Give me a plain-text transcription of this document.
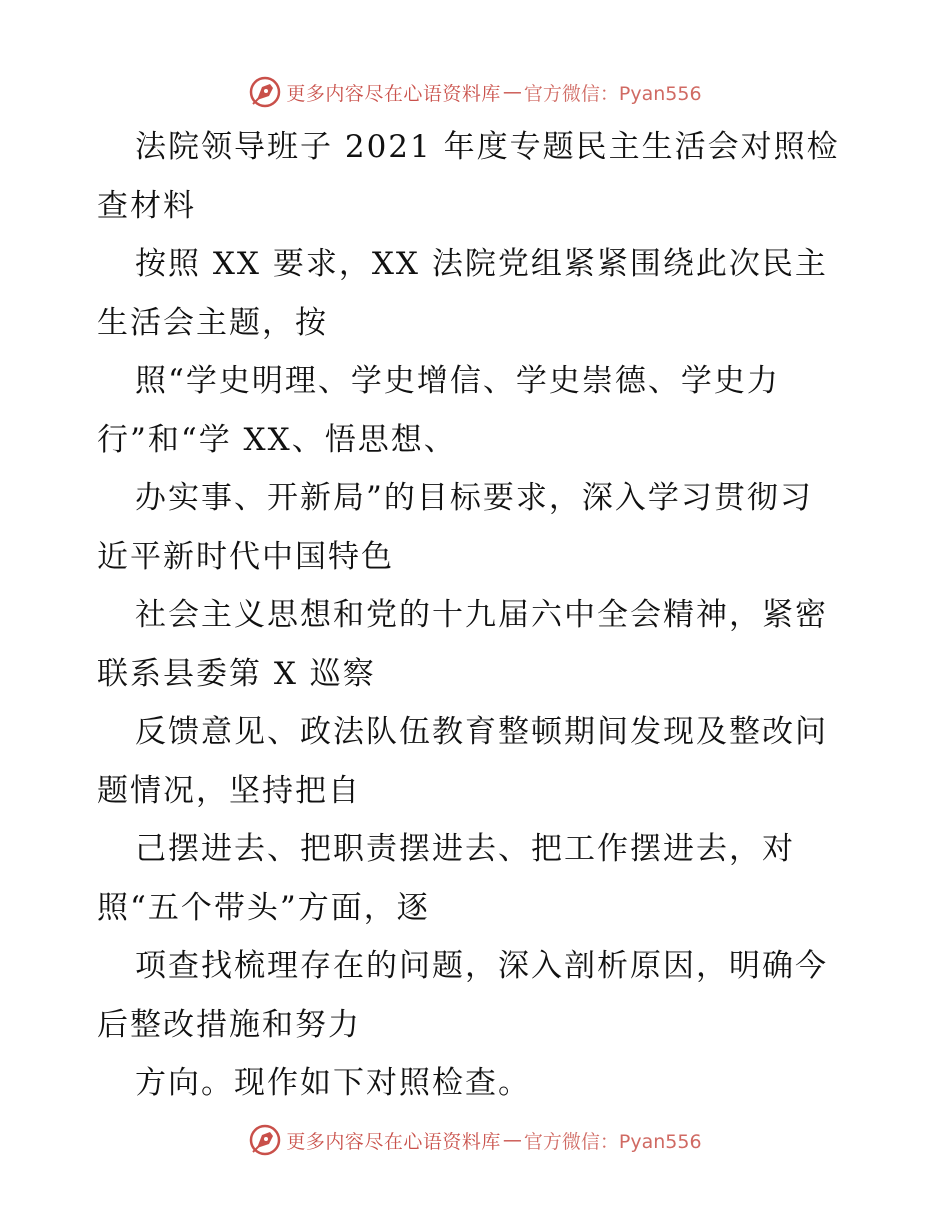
更多内容尽在心语资料库 — 官方微信：Pyan556
法院领导班子 2021 年度专题民主生活会对照检
查材料
按照 XX 要求，XX 法院党组紧紧围绕此次民主
生活会主题，按
照“学史明理、学史增信、学史崇德、学史力
行”和“学 XX、悟思想、
办实事、开新局”的目标要求，深入学习贯彻习
近平新时代中国特色
社会主义思想和党的十九届六中全会精神，紧密
联系县委第 X 巡察
反馈意见、政法队伍教育整顿期间发现及整改问
题情况，坚持把自
己摆进去、把职责摆进去、把工作摆进去，对
照“五个带头”方面，逐
项查找梳理存在的问题，深入剖析原因，明确今
后整改措施和努力
方向。现作如下对照检查。
更多内容尽在心语资料库 — 官方微信：Pyan556
